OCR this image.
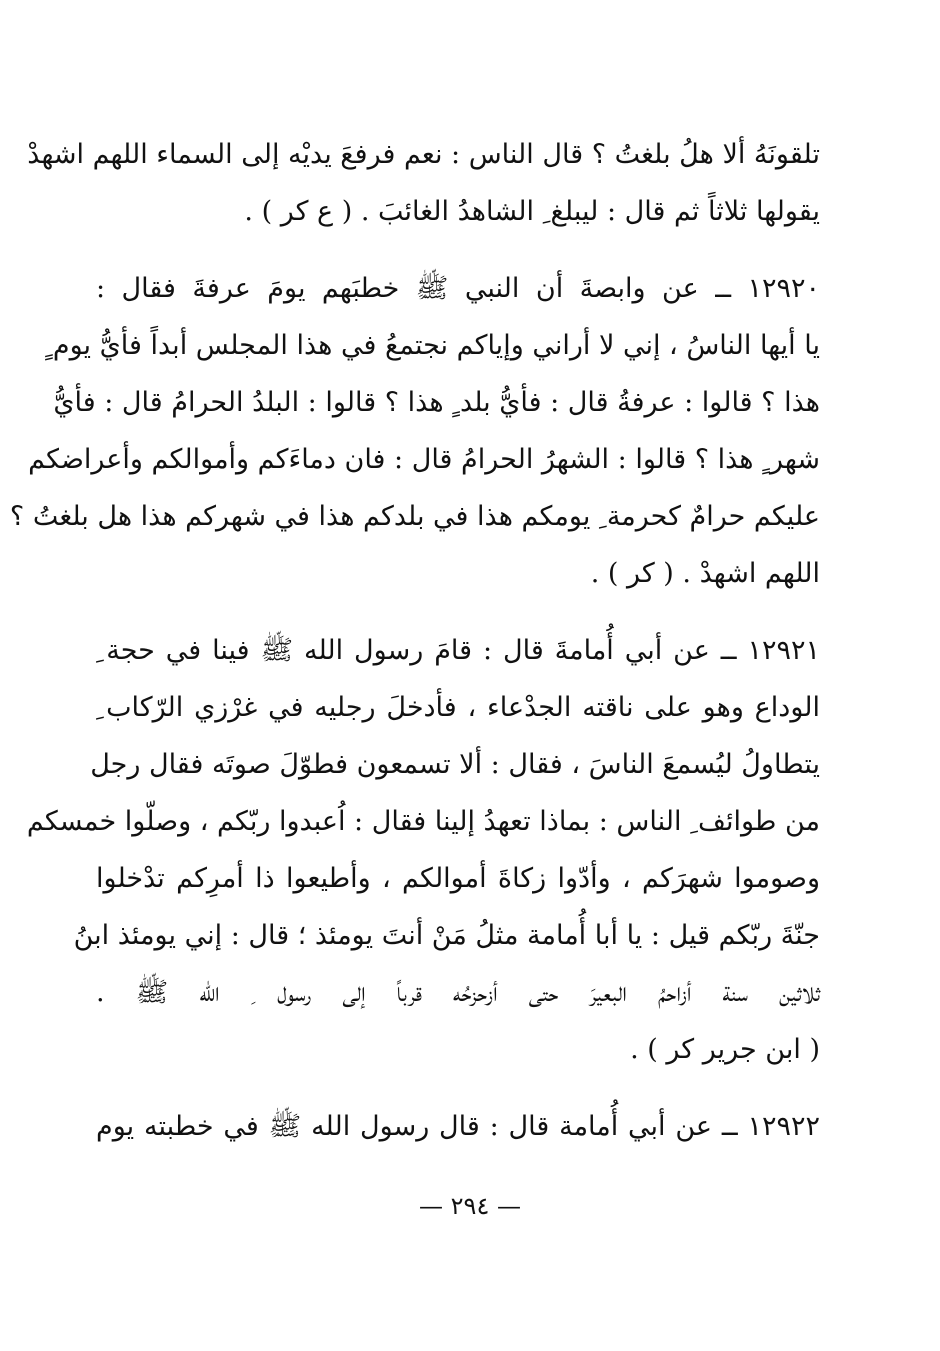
تلقونَهُ ألا هلُ بلغتُ ؟ قال الناس : نعم فرفعَ يديْه إلى السماء اللهم اشهدْ
يقولها ثلاثاً ثم قال : ليبلغ ِ الشاهدُ الغائبَ . ( ع كر ) .
١٢٩٢٠ ــ عن وابصةَ أن النبي ﷺ خطبَهم يومَ عرفةَ فقال :
يا أيها الناسُ ، إني لا أراني وإياكم نجتمعُ في هذا المجلس أبداً فأيُّ يوم ٍ
هذا ؟ قالوا : عرفةُ قال : فأيُّ بلد ٍ هذا ؟ قالوا : البلدُ الحرامُ قال : فأيُّ
شهر ٍ هذا ؟ قالوا : الشهرُ الحرامُ قال : فان دماءَكم وأموالكم وأعراضكم
عليكم حرامٌ كحرمة ِ يومكم هذا في بلدكم هذا في شهركم هذا هل بلغتُ ؟
اللهم اشهدْ . ( كر ) .
١٢٩٢١ ــ عن أبي أُمامةَ قال : قامَ رسول الله ﷺ فينا في حجة ِ
الوداع وهو على ناقته الجدْعاء ، فأدخلَ رجليه في غرْزي الرّكاب ِ
يتطاولُ ليُسمعَ الناسَ ، فقال : ألا تسمعون فطوّلَ صوتَه فقال رجل
من طوائف ِ الناس : بماذا تعهدُ إلينا فقال : اُعبدوا ربّكم ، وصلّوا خمسكم
وصوموا شهرَكم ، وأدّوا زكاةَ أموالكم ، وأطيعوا ذا أمرِكم تدْخلوا
جنّةَ ربّكم قيل : يا أبا أُمامة مثلُ مَنْ أنتَ يومئذ ؛ قال : إني يومئذ ابنُ
ثلاثين سنة أزاحمُ البعيرَ حتى أزحزحُه قرباً إلى رسول ِ الله ﷺ .
( ابن جرير كر ) .
١٢٩٢٢ ــ عن أبي أُمامة قال : قال رسول الله ﷺ في خطبته يوم
— ٢٩٤ —
